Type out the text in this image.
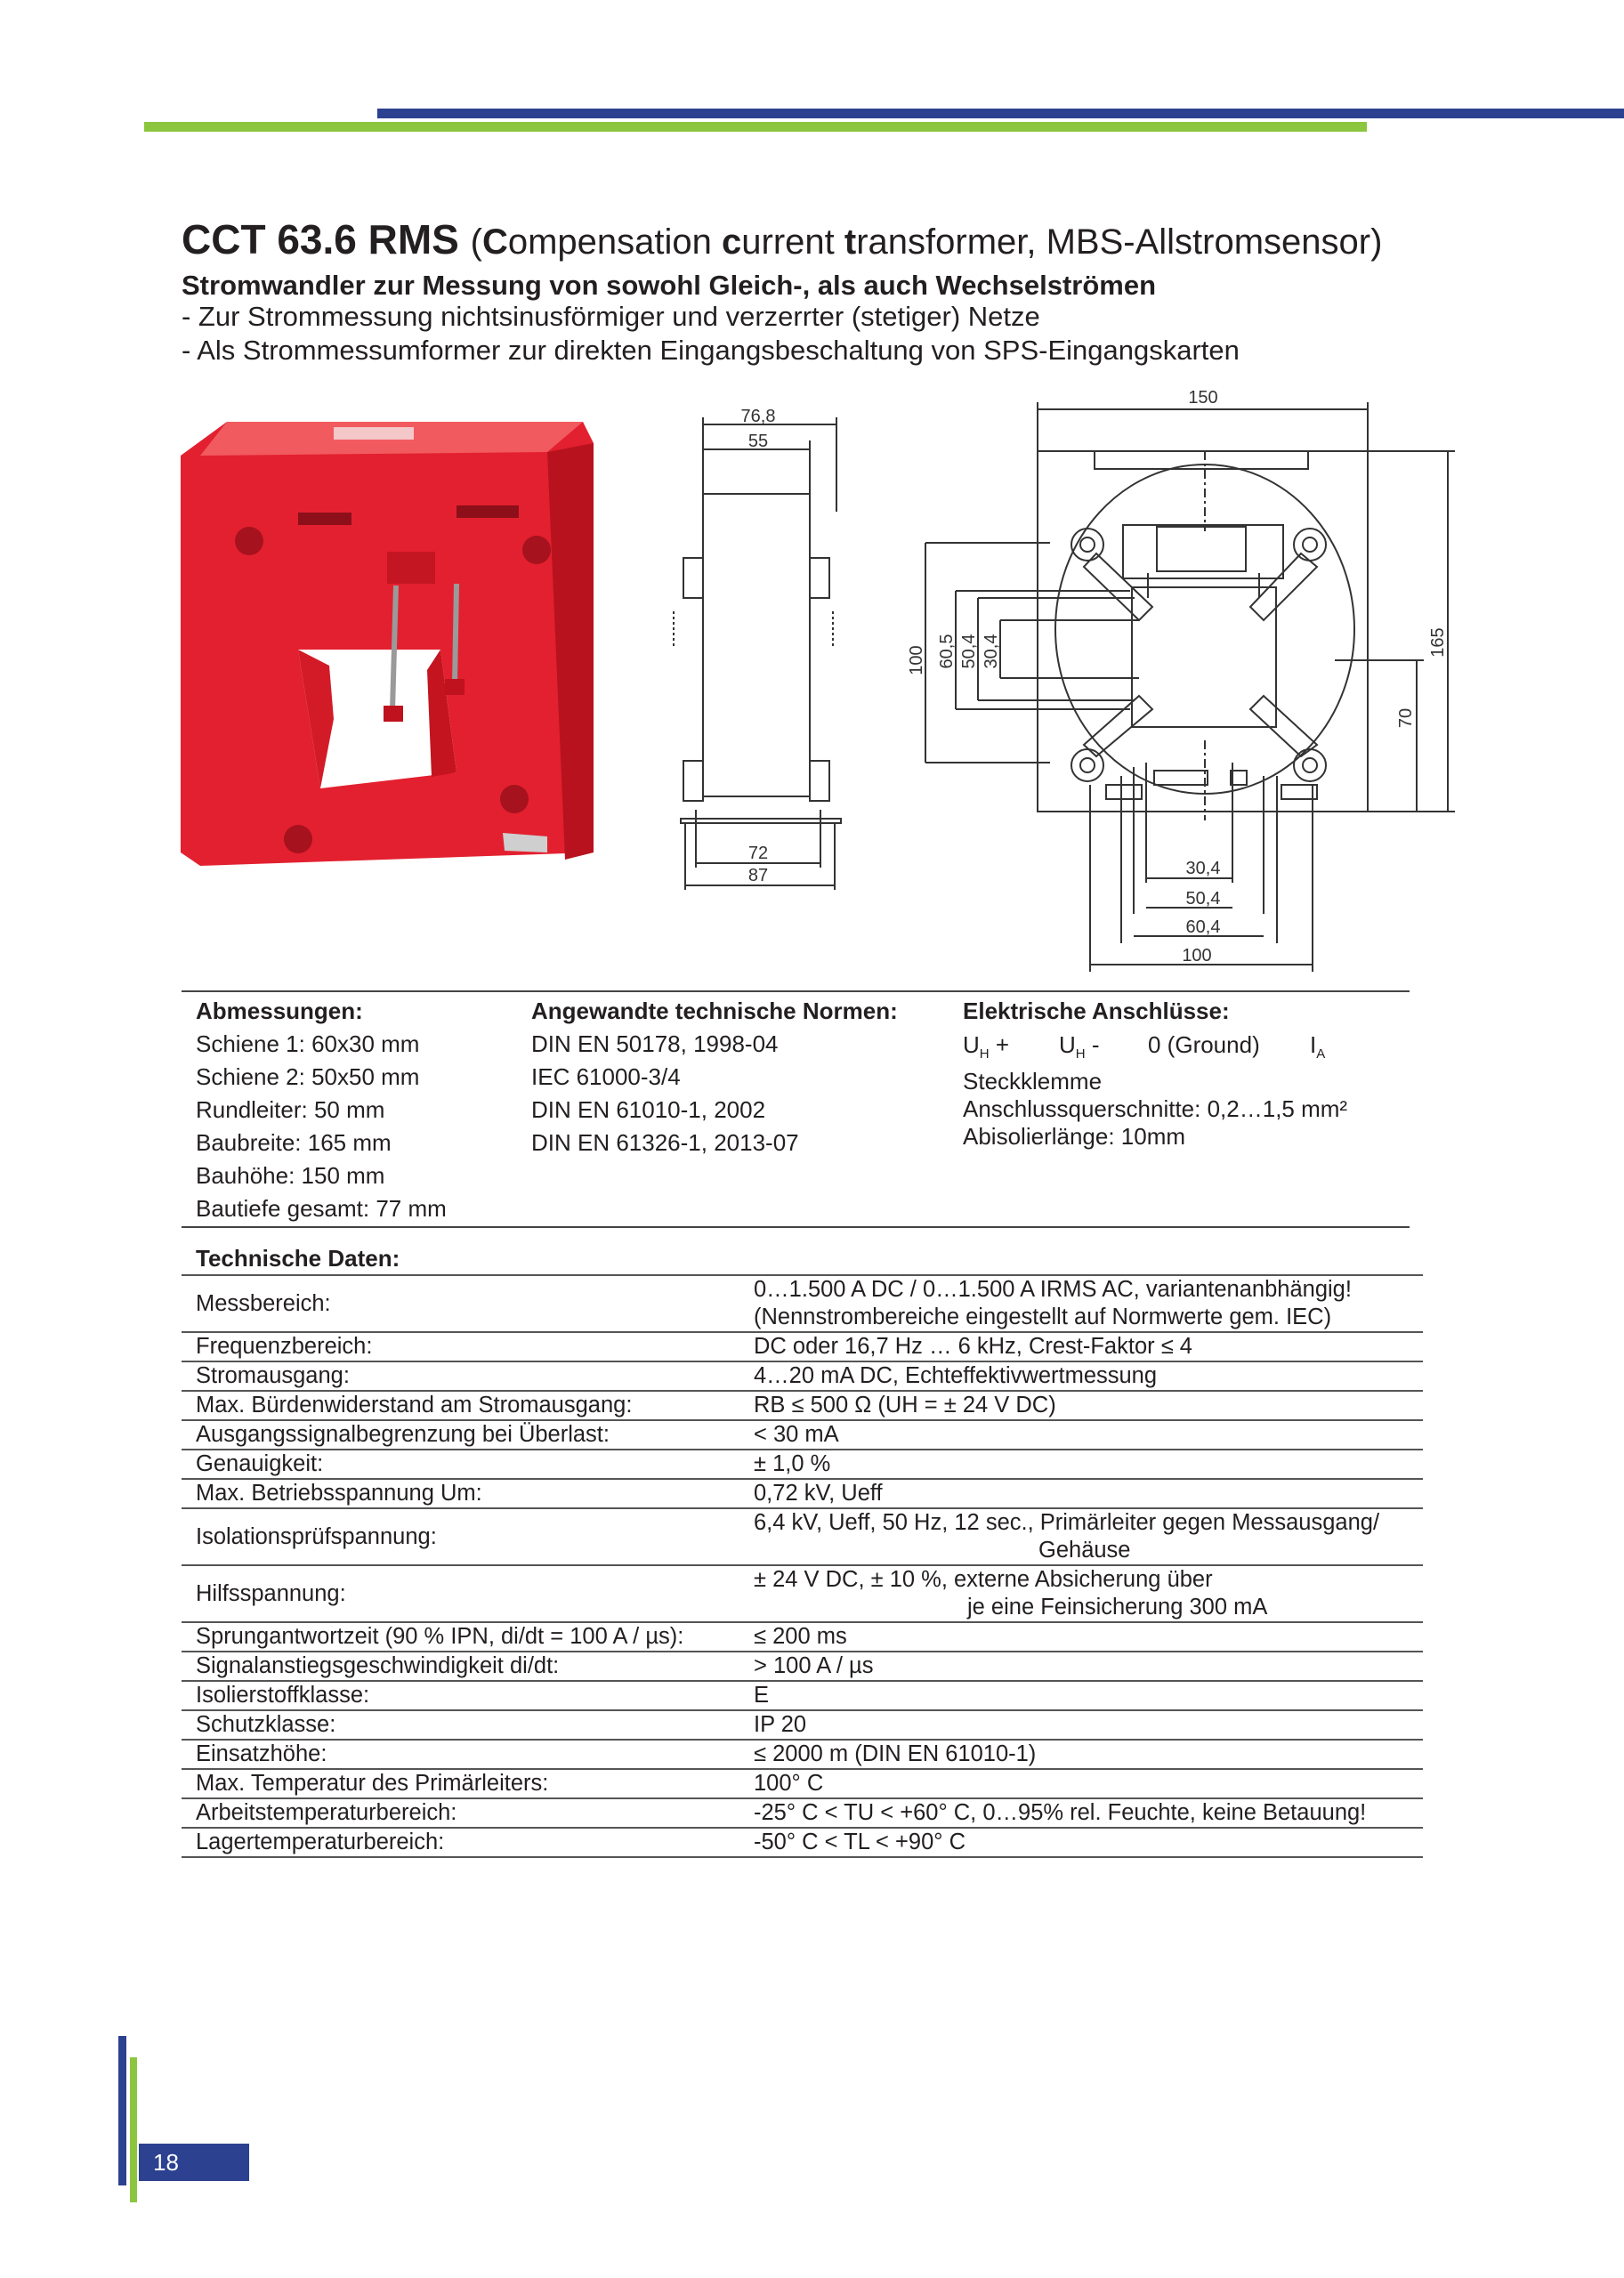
CCT 63.6 RMS (Compensation current transformer, MBS-Allstromsensor)
Stromwandler zur Messung von sowohl Gleich-, als auch Wechselströmen
- Zur Strommessung nichtsinusförmiger und verzerrter (stetiger) Netze
- Als Strommessumformer zur direkten Eingangsbeschaltung von SPS-Eingangskarten
76,8
55
72
87
150
100 60,5 50,4 30,4	165
70
30,4
50,4
60,4
100
Abmessungen:
Schiene 1: 60x30 mm
Schiene 2: 50x50 mm
Rundleiter: 50 mm
Baubreite: 165 mm
Bauhöhe: 150 mm
Bautiefe gesamt: 77 mm
Angewandte technische Normen:
DIN EN 50178, 1998-04
IEC 61000-3/4
DIN EN 61010-1, 2002
DIN EN 61326-1, 2013-07
Elektrische Anschlüsse:
$U_H + U_H - 0$ (Ground) $I_A$
Steckklemme
Anschlussquerschnitte: 0,2…1,5 mm²
Abisolierlänge: 10mm
Technische Daten:
Messbereich:	0…1.500 A DC / 0…1.500 A IRMS AC, variantenanbhängig!
(Nennstrombereiche eingestellt auf Normwerte gem. IEC)

Frequenzbereich:	DC oder 16,7 Hz … 6 kHz, Crest-Faktor ≤ 4
Stromausgang:	4…20 mA DC, Echteffektivwertmessung
Max. Bürdenwiderstand am Stromausgang:	RB ≤ 500 Ω (UH = ± 24 V DC)
Ausgangssignalbegrenzung bei Überlast:	< 30 mA
Genauigkeit:	± 1,0 %
Max. Betriebsspannung Um:	0,72 kV, Ueff
Isolationsprüfspannung:	6,4 kV, Ueff, 50 Hz, 12 sec., Primärleiter gegen Messausgang/
Gehäuse

Hilfsspannung:	± 24 V DC, ± 10 %, externe Absicherung über
je eine Feinsicherung 300 mA

Sprungantwortzeit (90 % IPN, di/dt = 100 A / µs):	≤ 200 ms
Signalanstiegsgeschwindigkeit di/dt:	> 100 A / µs
Isolierstoffklasse:	E
Schutzklasse:	IP 20
Einsatzhöhe:	≤ 2000 m (DIN EN 61010-1)
Max. Temperatur des Primärleiters:	100° C
Arbeitstemperaturbereich:	-25° C < TU < +60° C, 0…95% rel. Feuchte, keine Betauung!
Lagertemperaturbereich:	-50° C < TL < +90° C
18
